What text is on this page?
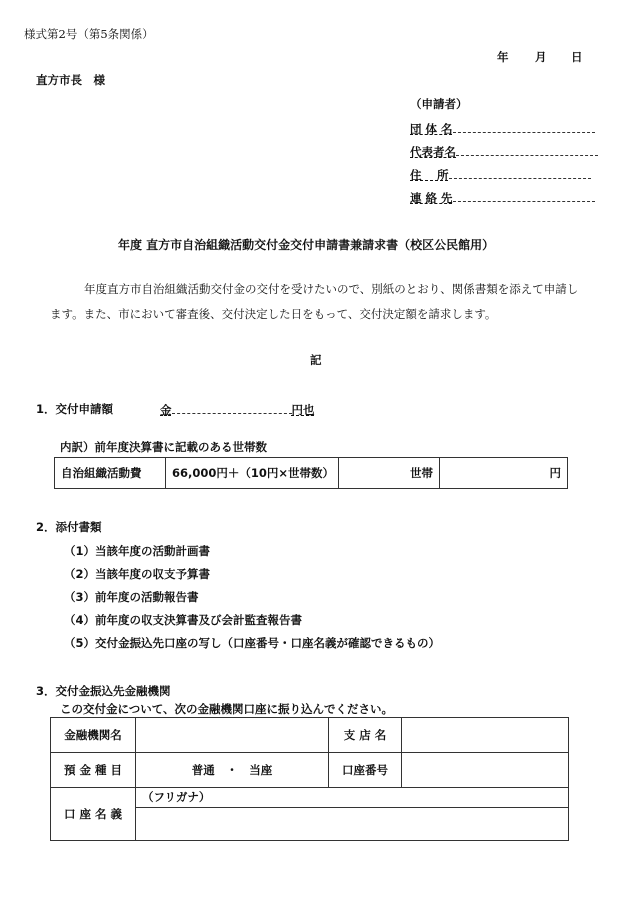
様式第2号（第5条関係）
年 月 日
直方市長　様
（申請者）
団 体 名
代表者名
住　 所
連 絡 先
年度 直方市自治組織活動交付金交付申請書兼請求書（校区公民館用）
年度直方市自治組織活動交付金の交付を受けたいので、別紙のとおり、関係書類を添えて申請し
ます。また、市において審査後、交付決定した日をもって、交付決定額を請求します。
記
1．交付申請額	金	円也
内訳）前年度決算書に記載のある世帯数
自治組織活動費	66,000円＋（10円×世帯数）	世帯	円
2．添付書類
（1）当該年度の活動計画書
（2）当該年度の収支予算書
（3）前年度の活動報告書
（4）前年度の収支決算書及び会計監査報告書
（5）交付金振込先口座の写し（口座番号・口座名義が確認できるもの）
3．交付金振込先金融機関
この交付金について、次の金融機関口座に振り込んでください。
金融機関名		支 店 名	
預 金 種 目	普通　・　当座	口座番号	
口 座 名 義	（フリガナ）		
